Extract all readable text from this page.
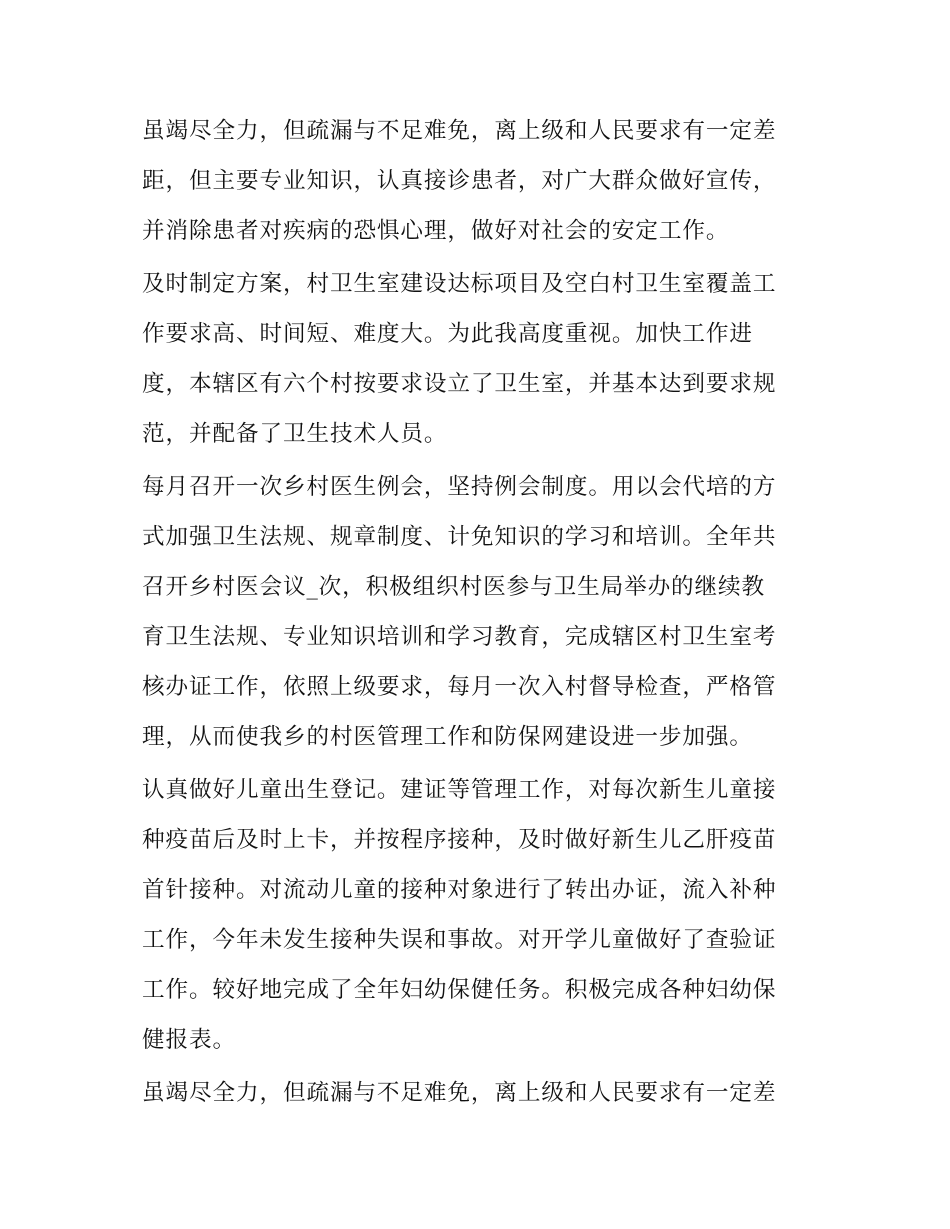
虽竭尽全力，但疏漏与不足难免，离上级和人民要求有一定差
距，但主要专业知识，认真接诊患者，对广大群众做好宣传，
并消除患者对疾病的恐惧心理，做好对社会的安定工作。

及时制定方案，村卫生室建设达标项目及空白村卫生室覆盖工
作要求高、时间短、难度大。为此我高度重视。加快工作进
度，本辖区有六个村按要求设立了卫生室，并基本达到要求规
范，并配备了卫生技术人员。

每月召开一次乡村医生例会，坚持例会制度。用以会代培的方
式加强卫生法规、规章制度、计免知识的学习和培训。全年共
召开乡村医会议_次，积极组织村医参与卫生局举办的继续教
育卫生法规、专业知识培训和学习教育，完成辖区村卫生室考
核办证工作，依照上级要求，每月一次入村督导检查，严格管
理，从而使我乡的村医管理工作和防保网建设进一步加强。

认真做好儿童出生登记。建证等管理工作，对每次新生儿童接
种疫苗后及时上卡，并按程序接种，及时做好新生儿乙肝疫苗
首针接种。对流动儿童的接种对象进行了转出办证，流入补种
工作，今年未发生接种失误和事故。对开学儿童做好了查验证
工作。较好地完成了全年妇幼保健任务。积极完成各种妇幼保
健报表。

虽竭尽全力，但疏漏与不足难免，离上级和人民要求有一定差
